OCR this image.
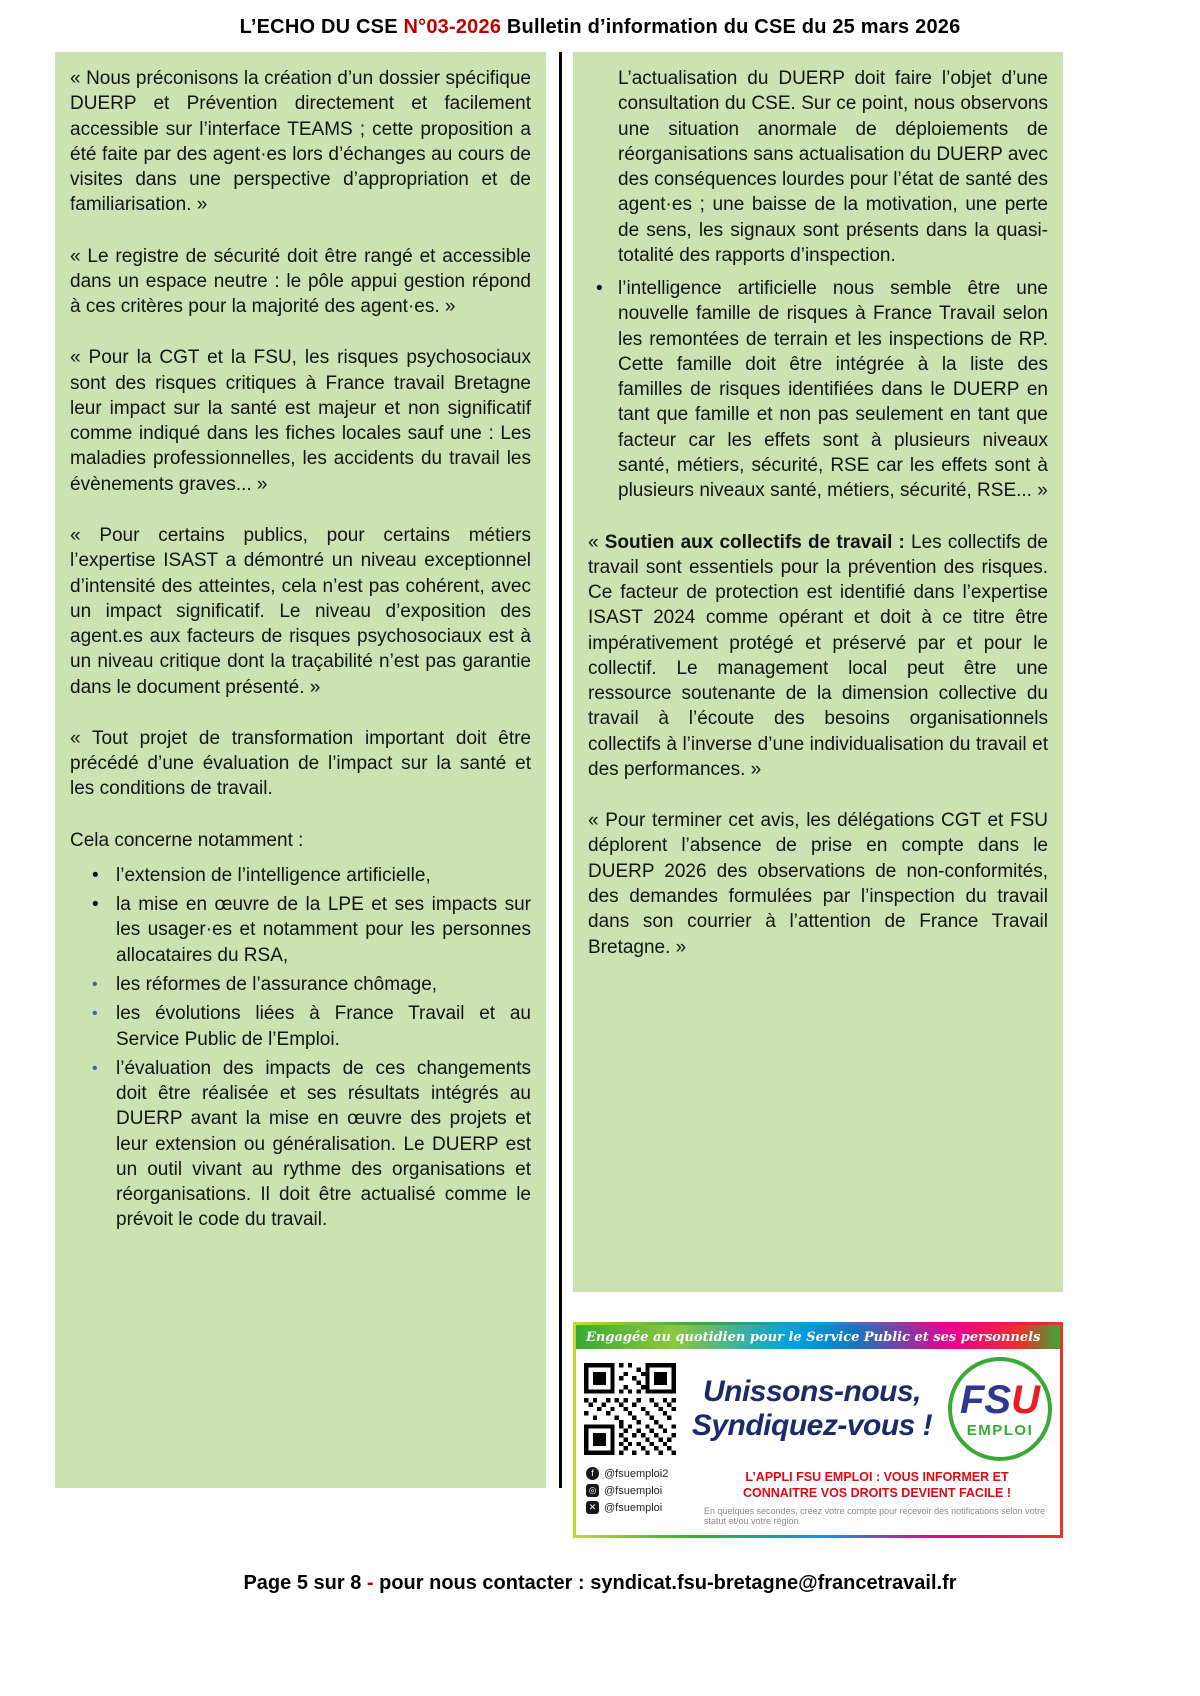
L’ECHO DU CSE N°03-2026 Bulletin d’information du CSE du 25 mars 2026

« Nous préconisons la création d’un dossier spécifique DUERP et Prévention directement et facilement accessible sur l’interface TEAMS ; cette proposition a été faite par des agent·es lors d’échanges au cours de visites dans une perspective d’appropriation et de familiarisation. »

« Le registre de sécurité doit être rangé et accessible dans un espace neutre : le pôle appui gestion répond à ces critères pour la majorité des agent·es. »

« Pour la CGT et la FSU, les risques psychosociaux sont des risques critiques à France travail Bretagne leur impact sur la santé est majeur et non significatif comme indiqué dans les fiches locales sauf une : Les maladies professionnelles, les accidents du travail les évènements graves... »

« Pour certains publics, pour certains métiers l’expertise ISAST a démontré un niveau exceptionnel d’intensité des atteintes, cela n’est pas cohérent, avec un impact significatif. Le niveau d’exposition des agent.es aux facteurs de risques psychosociaux est à un niveau critique dont la traçabilité n’est pas garantie dans le document présenté. »

« Tout projet de transformation important doit être précédé d’une évaluation de l’impact sur la santé et les conditions de travail.

Cela concerne notamment :

• l’extension de l’intelligence artificielle,
• la mise en œuvre de la LPE et ses impacts sur les usager·es et notamment pour les personnes allocataires du RSA,
• les réformes de l’assurance chômage,
• les évolutions liées à France Travail et au Service Public de l’Emploi.
• l’évaluation des impacts de ces changements doit être réalisée et ses résultats intégrés au DUERP avant la mise en œuvre des projets et leur extension ou généralisation. Le DUERP est un outil vivant au rythme des organisations et réorganisations. Il doit être actualisé comme le prévoit le code du travail.

L’actualisation du DUERP doit faire l’objet d’une consultation du CSE. Sur ce point, nous observons une situation anormale de déploiements de réorganisations sans actualisation du DUERP avec des conséquences lourdes pour l’état de santé des agent·es ; une baisse de la motivation, une perte de sens, les signaux sont présents dans la quasi-totalité des rapports d’inspection.

• l’intelligence artificielle nous semble être une nouvelle famille de risques à France Travail selon les remontées de terrain et les inspections de RP. Cette famille doit être intégrée à la liste des familles de risques identifiées dans le DUERP en tant que famille et non pas seulement en tant que facteur car les effets sont à plusieurs niveaux santé, métiers, sécurité, RSE car les effets sont à plusieurs niveaux santé, métiers, sécurité, RSE... »

« Soutien aux collectifs de travail : Les collectifs de travail sont essentiels pour la prévention des risques. Ce facteur de protection est identifié dans l’expertise ISAST 2024 comme opérant et doit à ce titre être impérativement protégé et préservé par et pour le collectif. Le management local peut être une ressource soutenante de la dimension collective du travail à l’écoute des besoins organisationnels collectifs à l’inverse d’une individualisation du travail et des performances. »

« Pour terminer cet avis, les délégations CGT et FSU déplorent l’absence de prise en compte dans le DUERP 2026 des observations de non-conformités, des demandes formulées par l’inspection du travail dans son courrier à l’attention de France Travail Bretagne. »

Engagée au quotidien pour le Service Public et ses personnels
Unissons-nous,
Syndiquez-vous !
FSU
EMPLOI
f @fsuemploi2
◎ @fsuemploi
✕ @fsuemploi
L’APPLI FSU EMPLOI : VOUS INFORMER ET CONNAITRE VOS DROITS DEVIENT FACILE !
En quelques secondes, créez votre compte pour recevoir des notifications selon votre statut et/ou votre région.
Page 5 sur 8 - pour nous contacter : syndicat.fsu-bretagne@francetravail.fr
